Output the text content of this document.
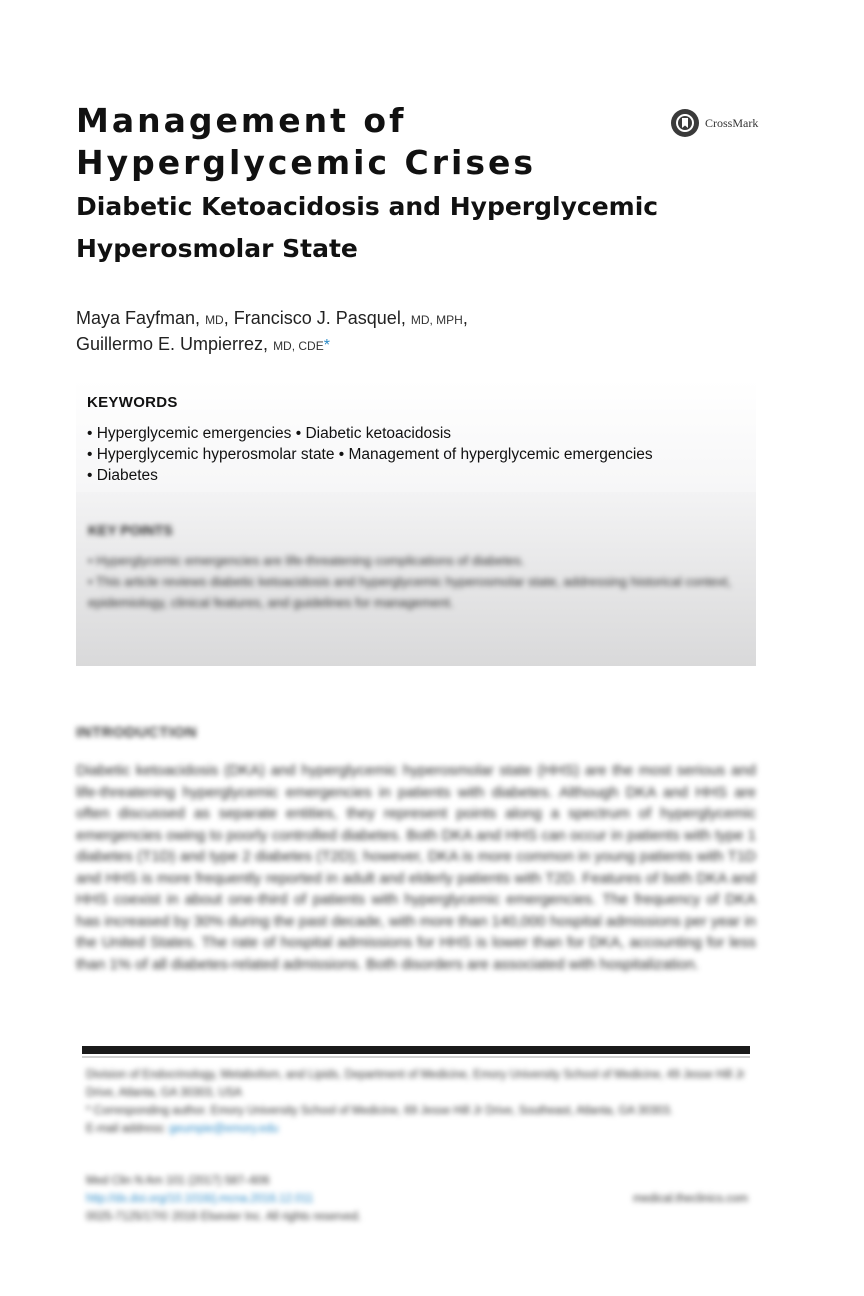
Management of Hyperglycemic Crises
Diabetic Ketoacidosis and Hyperglycemic Hyperosmolar State
CrossMark
Maya Fayfman, MD, Francisco J. Pasquel, MD, MPH,
Guillermo E. Umpierrez, MD, CDE*
KEYWORDS
• Hyperglycemic emergencies • Diabetic ketoacidosis
• Hyperglycemic hyperosmolar state • Management of hyperglycemic emergencies
• Diabetes
KEY POINTS

• Hyperglycemic emergencies are life-threatening complications of diabetes.

• This article reviews diabetic ketoacidosis and hyperglycemic hyperosmolar state, addressing historical context, epidemiology, clinical features, and guidelines for management.

INTRODUCTION
Diabetic ketoacidosis (DKA) and hyperglycemic hyperosmolar state (HHS) are the most serious and life-threatening hyperglycemic emergencies in patients with diabetes. Although DKA and HHS are often discussed as separate entities, they represent points along a spectrum of hyperglycemic emergencies owing to poorly controlled diabetes. Both DKA and HHS can occur in patients with type 1 diabetes (T1D) and type 2 diabetes (T2D); however, DKA is more common in young patients with T1D and HHS is more frequently reported in adult and elderly patients with T2D. Features of both DKA and HHS coexist in about one-third of patients with hyperglycemic emergencies. The frequency of DKA has increased by 30% during the past decade, with more than 140,000 hospital admissions per year in the United States. The rate of hospital admissions for HHS is lower than for DKA, accounting for less than 1% of all diabetes-related admissions. Both disorders are associated with hospitalization.

Division of Endocrinology, Metabolism, and Lipids, Department of Medicine, Emory University School of Medicine, 49 Jesse Hill Jr Drive, Atlanta, GA 30303, USA

* Corresponding author. Emory University School of Medicine, 69 Jesse Hill Jr Drive, Southeast, Atlanta, GA 30303.

E-mail address: geumpie@emory.edu

Med Clin N Am 101 (2017) 587–606
http://dx.doi.org/10.1016/j.mcna.2016.12.011	medical.theclinics.com
0025-7125/17/© 2016 Elsevier Inc. All rights reserved.
